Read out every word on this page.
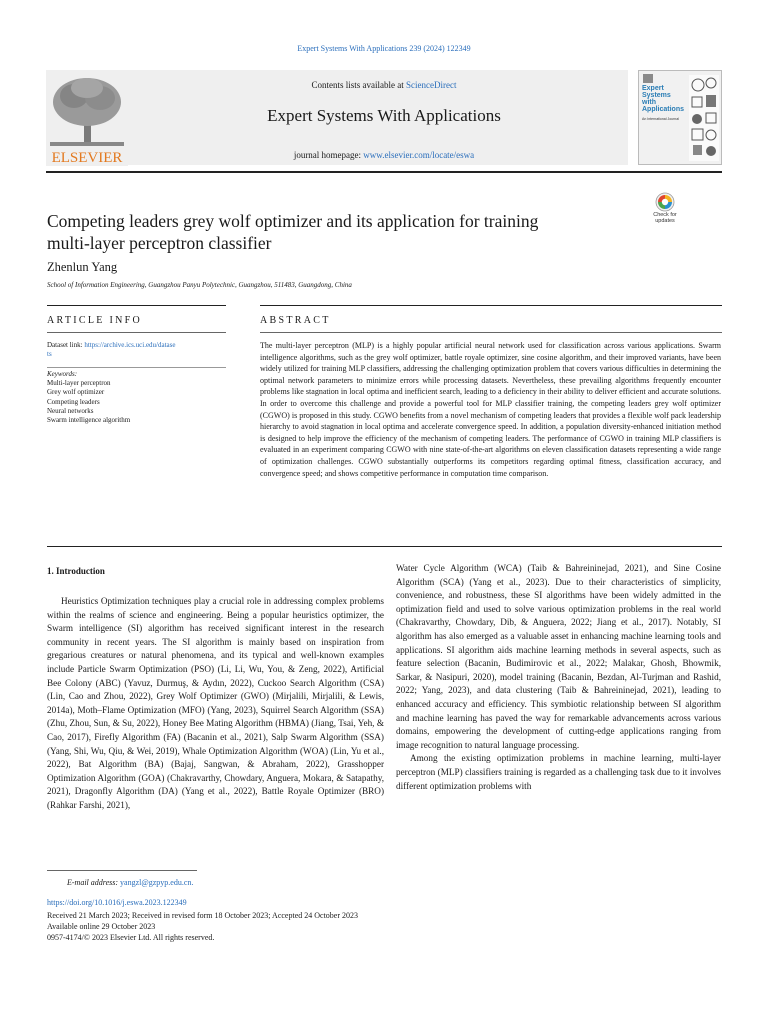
Expert Systems With Applications 239 (2024) 122349
ELSEVIER
Contents lists available at ScienceDirect
Expert Systems With Applications
journal homepage: www.elsevier.com/locate/eswa
Expert
Systems
with
Applications
An International Journal
Competing leaders grey wolf optimizer and its application for training
multi-layer perceptron classifier
Check for
updates
Zhenlun Yang
School of Information Engineering, Guangzhou Panyu Polytechnic, Guangzhou, 511483, Guangdong, China
ARTICLE INFO	ABSTRACT
Dataset link: https://archive.ics.uci.edu/datase
ts
Keywords:
Multi-layer perceptron
Grey wolf optimizer
Competing leaders
Neural networks
Swarm intelligence algorithm
The multi-layer perceptron (MLP) is a highly popular artificial neural network used for classification across various applications. Swarm intelligence algorithms, such as the grey wolf optimizer, battle royale optimizer, sine cosine algorithm, and their improved variants, have been widely utilized for training MLP classifiers, addressing the challenging optimization problem that covers various difficulties in determining the optimal network parameters to minimize errors while processing datasets. Nevertheless, these prevailing algorithms frequently encounter problems like stagnation in local optima and inefficient search, leading to a deficiency in their ability to deliver efficient and accurate solutions. In order to overcome this challenge and provide a powerful tool for MLP classifier training, the competing leaders grey wolf optimizer (CGWO) is proposed in this study. CGWO benefits from a novel mechanism of competing leaders that provides a flexible wolf pack leadership hierarchy to avoid stagnation in local optima and accelerate convergence speed. In addition, a population diversity-enhanced initiation method is designed to help improve the efficiency of the mechanism of competing leaders. The performance of CGWO in training MLP classifiers is evaluated in an experiment comparing CGWO with nine state-of-the-art algorithms on eleven classification datasets representing a wide range of optimization challenges. CGWO substantially outperforms its competitors regarding optimal fitness, classification accuracy, and convergence speed; and shows competitive performance in computation time comparison.
1. Introduction

Heuristics Optimization techniques play a crucial role in addressing complex problems within the realms of science and engineering. Being a popular heuristics optimizer, the Swarm intelligence (SI) algorithm has received significant interest in the research community in recent years. The SI algorithm is mainly based on inspiration from gregarious creatures or natural phenomena, and its typical and well-known examples include Particle Swarm Optimization (PSO) (Li, Li, Wu, You, & Zeng, 2022), Artificial Bee Colony (ABC) (Yavuz, Durmuş, & Aydın, 2022), Cuckoo Search Algorithm (CSA) (Lin, Cao and Zhou, 2022), Grey Wolf Optimizer (GWO) (Mirjalili, Mirjalili, & Lewis, 2014a), Moth–Flame Optimization (MFO) (Yang, 2023), Squirrel Search Algorithm (SSA) (Zhu, Zhou, Sun, & Su, 2022), Honey Bee Mating Algorithm (HBMA) (Jiang, Tsai, Yeh, & Cao, 2017), Firefly Algorithm (FA) (Bacanin et al., 2021), Salp Swarm Algorithm (SSA) (Yang, Shi, Wu, Qiu, & Wei, 2019), Whale Optimization Algorithm (WOA) (Lin, Yu et al., 2022), Bat Algorithm (BA) (Bajaj, Sangwan, & Abraham, 2022), Grasshopper Optimization Algorithm (GOA) (Chakravarthy, Chowdary, Anguera, Mokara, & Satapathy, 2021), Dragonfly Algorithm (DA) (Yang et al., 2022), Battle Royale Optimizer (BRO) (Rahkar Farshi, 2021),

Water Cycle Algorithm (WCA) (Taib & Bahreininejad, 2021), and Sine Cosine Algorithm (SCA) (Yang et al., 2023). Due to their characteristics of simplicity, convenience, and robustness, these SI algorithms have been widely admitted in the optimization field and used to solve various optimization problems in the real world (Chakravarthy, Chowdary, Dib, & Anguera, 2022; Jiang et al., 2017). Notably, SI algorithm has also emerged as a valuable asset in enhancing machine learning tools and applications. SI algorithm aids machine learning methods in several aspects, such as feature selection (Bacanin, Budimirovic et al., 2022; Malakar, Ghosh, Bhowmik, Sarkar, & Nasipuri, 2020), model training (Bacanin, Bezdan, Al-Turjman and Rashid, 2022; Yang, 2023), and data clustering (Taib & Bahreininejad, 2021), leading to enhanced accuracy and efficiency. This symbiotic relationship between SI algorithm and machine learning has paved the way for remarkable advancements across various domains, empowering the development of cutting-edge applications ranging from image recognition to natural language processing.

Among the existing optimization problems in machine learning, multi-layer perceptron (MLP) classifiers training is regarded as a challenging task due to it involves different optimization problems with

E-mail address: yangzl@gzpyp.edu.cn.
https://doi.org/10.1016/j.eswa.2023.122349
Received 21 March 2023; Received in revised form 18 October 2023; Accepted 24 October 2023
Available online 29 October 2023
0957-4174/© 2023 Elsevier Ltd. All rights reserved.
